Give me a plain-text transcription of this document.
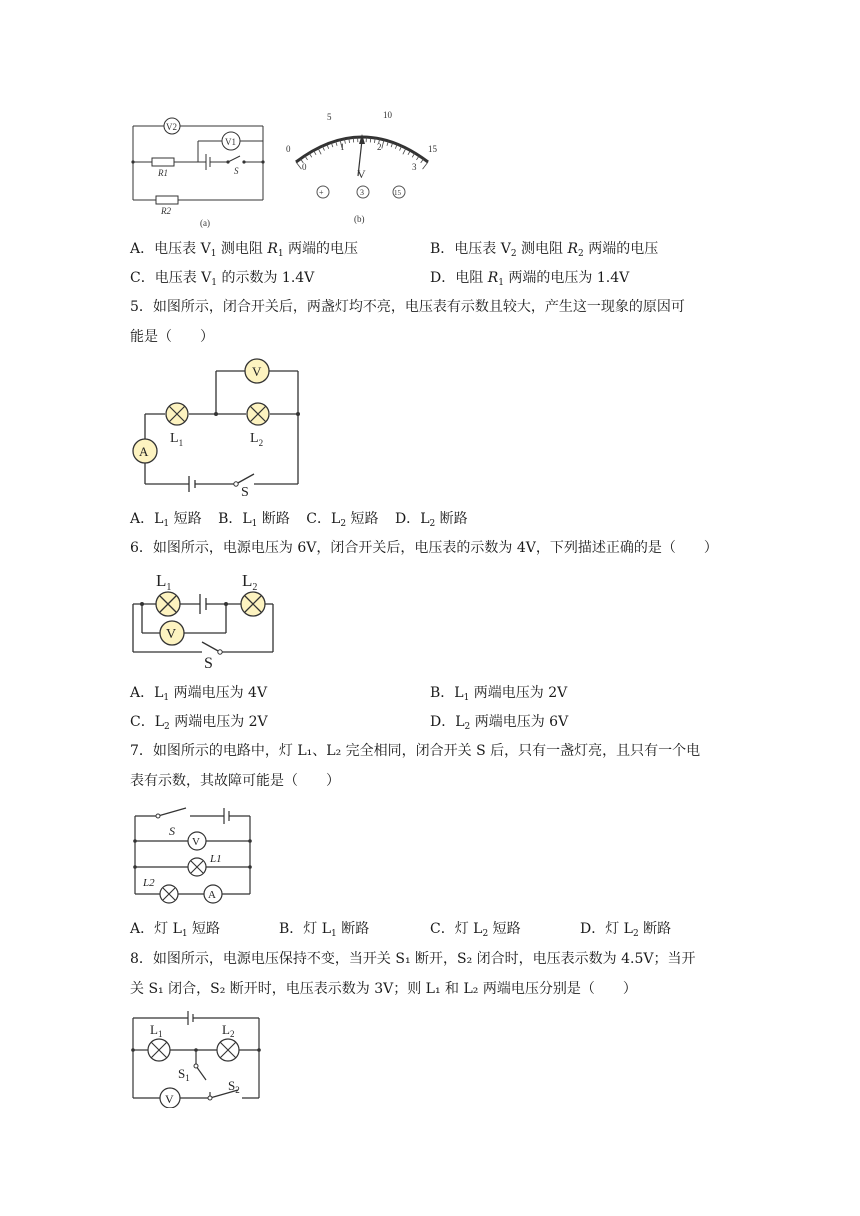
V2
V1
R1
R2
S
(a)
0
5	10
15
0
1	2
3
V
+	3	15
(b)
A．电压表 $V_1$ 测电阻 $R_1$ 两端的电压	B．电压表 $V_2$ 测电阻 $R_2$ 两端的电压
C．电压表 $V_1$ 的示数为 1.4V	D．电阻 $R_1$ 两端的电压为 1.4V
5．如图所示，闭合开关后，两盏灯均不亮，电压表有示数且较大，产生这一现象的原因可
能是（　　）
V
A
$L_1$	$L_2$
S
A．$L_1$ 短路 B．$L_1$ 断路 C．$L_2$ 短路 D．$L_2$ 断路
6．如图所示，电源电压为 6V，闭合开关后，电压表的示数为 4V，下列描述正确的是（　　）
$L_1$	$L_2$
V
S
A．$L_1$ 两端电压为 4V	B．$L_1$ 两端电压为 2V
C．$L_2$ 两端电压为 2V	D．$L_2$ 两端电压为 6V
7．如图所示的电路中，灯 L₁、L₂ 完全相同，闭合开关 S 后，只有一盏灯亮，且只有一个电
表有示数，其故障可能是（　　）
S
V
L1
L2
A
A．灯 $L_1$ 短路	B．灯 $L_1$ 断路	C．灯 $L_2$ 短路	D．灯 $L_2$ 断路
8．如图所示，电源电压保持不变，当开关 S₁ 断开，S₂ 闭合时，电压表示数为 4.5V；当开
关 S₁ 闭合，S₂ 断开时，电压表示数为 3V；则 L₁ 和 L₂ 两端电压分别是（　　）
$L_1$	$L_2$
$S_1$	$S_2$
V
